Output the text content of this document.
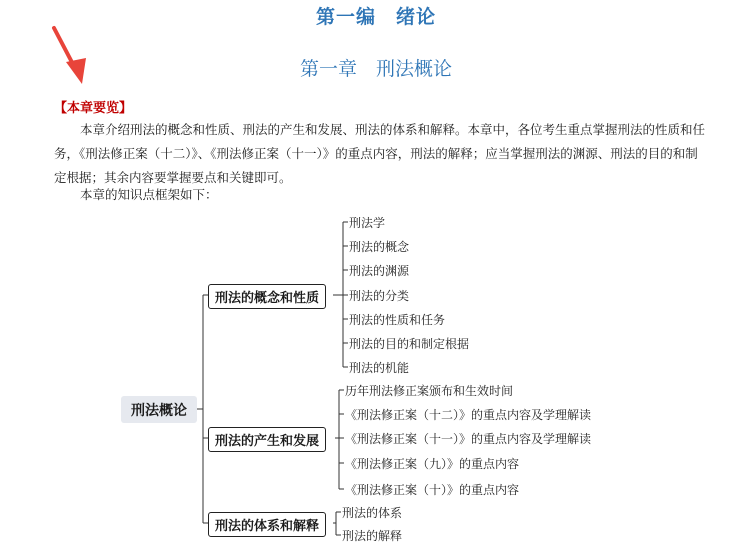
第一编　绪论
第一章　刑法概论
【本章要览】
本章介绍刑法的概念和性质、刑法的产生和发展、刑法的体系和解释。本章中，各位考生重点掌握刑法的性质和任务，《刑法修正案（十二）》、《刑法修正案（十一）》的重点内容，刑法的解释；应当掌握刑法的渊源、刑法的目的和制定根据；其余内容要掌握要点和关键即可。
本章的知识点框架如下：
刑法概论
刑法的概念和性质
刑法的产生和发展
刑法的体系和解释
刑法学
刑法的概念
刑法的渊源
刑法的分类
刑法的性质和任务
刑法的目的和制定根据
刑法的机能
历年刑法修正案颁布和生效时间
《刑法修正案（十二）》的重点内容及学理解读
《刑法修正案（十一）》的重点内容及学理解读
《刑法修正案（九）》的重点内容
《刑法修正案（十）》的重点内容
刑法的体系
刑法的解释
